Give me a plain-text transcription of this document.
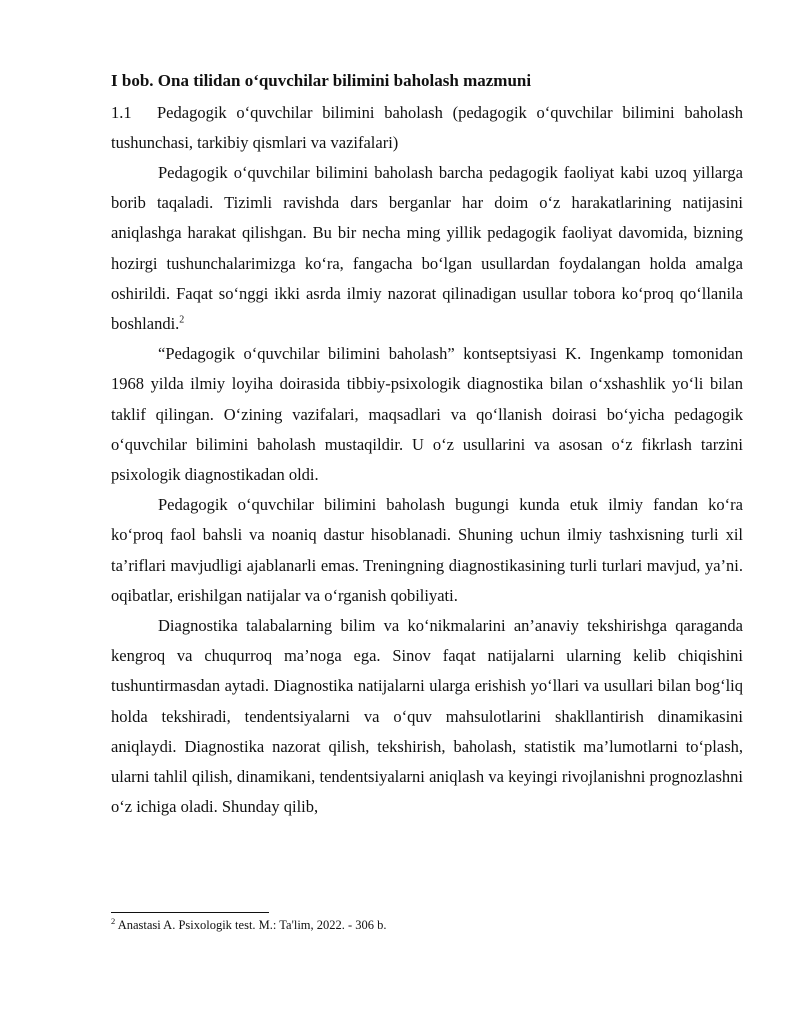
I bob. Ona tilidan o‘quvchilar bilimini baholash mazmuni

1.1 Pedagogik o‘quvchilar bilimini baholash (pedagogik o‘quvchilar bilimini baholash tushunchasi, tarkibiy qismlari va vazifalari)

Pedagogik o‘quvchilar bilimini baholash barcha pedagogik faoliyat kabi uzoq yillarga borib taqaladi. Tizimli ravishda dars berganlar har doim o‘z harakatlarining natijasini aniqlashga harakat qilishgan. Bu bir necha ming yillik pedagogik faoliyat davomida, bizning hozirgi tushunchalarimizga ko‘ra, fangacha bo‘lgan usullardan foydalangan holda amalga oshirildi. Faqat so‘nggi ikki asrda ilmiy nazorat qilinadigan usullar tobora ko‘proq qo‘llanila boshlandi.$^2$

“Pedagogik o‘quvchilar bilimini baholash” kontseptsiyasi K. Ingenkamp tomonidan 1968 yilda ilmiy loyiha doirasida tibbiy-psixologik diagnostika bilan o‘xshashlik yo‘li bilan taklif qilingan. O‘zining vazifalari, maqsadlari va qo‘llanish doirasi bo‘yicha pedagogik o‘quvchilar bilimini baholash mustaqildir. U o‘z usullarini va asosan o‘z fikrlash tarzini psixologik diagnostikadan oldi.

Pedagogik o‘quvchilar bilimini baholash bugungi kunda etuk ilmiy fandan ko‘ra ko‘proq faol bahsli va noaniq dastur hisoblanadi. Shuning uchun ilmiy tashxisning turli xil ta’riflari mavjudligi ajablanarli emas. Treningning diagnostikasining turli turlari mavjud, ya’ni. oqibatlar, erishilgan natijalar va o‘rganish qobiliyati.

Diagnostika talabalarning bilim va ko‘nikmalarini an’anaviy tekshirishga qaraganda kengroq va chuqurroq ma’noga ega. Sinov faqat natijalarni ularning kelib chiqishini tushuntirmasdan aytadi. Diagnostika natijalarni ularga erishish yo‘llari va usullari bilan bog‘liq holda tekshiradi, tendentsiyalarni va o‘quv mahsulotlarini shakllantirish dinamikasini aniqlaydi. Diagnostika nazorat qilish, tekshirish, baholash, statistik ma’lumotlarni to‘plash, ularni tahlil qilish, dinamikani, tendentsiyalarni aniqlash va keyingi rivojlanishni prognozlashni o‘z ichiga oladi. Shunday qilib,

$^2$ Anastasi A. Psixologik test. M.: Ta'lim, 2022. - 306 b.
